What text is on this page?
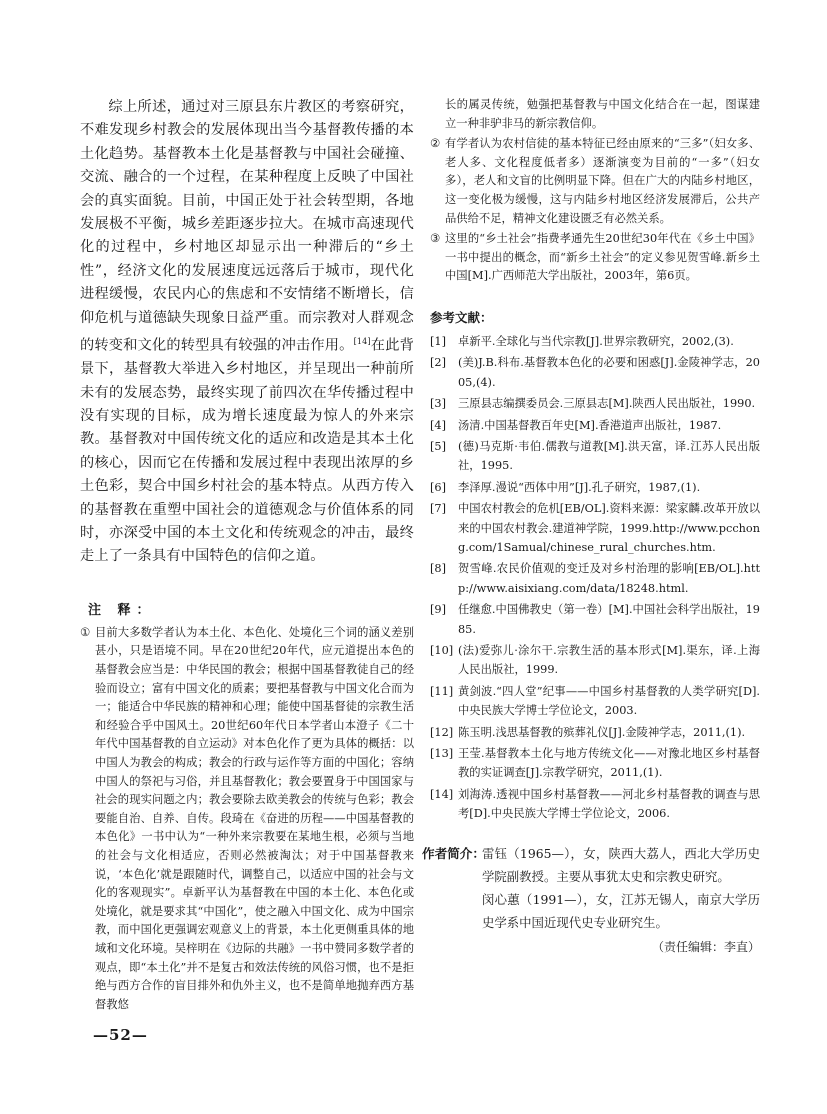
综上所述，通过对三原县东片教区的考察研究，不难发现乡村教会的发展体现出当今基督教传播的本土化趋势。基督教本土化是基督教与中国社会碰撞、交流、融合的一个过程，在某种程度上反映了中国社会的真实面貌。目前，中国正处于社会转型期，各地发展极不平衡，城乡差距逐步拉大。在城市高速现代化的过程中，乡村地区却显示出一种滞后的“乡土性”，经济文化的发展速度远远落后于城市，现代化进程缓慢，农民内心的焦虑和不安情绪不断增长，信仰危机与道德缺失现象日益严重。而宗教对人群观念的转变和文化的转型具有较强的冲击作用。[14]在此背景下，基督教大举进入乡村地区，并呈现出一种前所未有的发展态势，最终实现了前四次在华传播过程中没有实现的目标，成为增长速度最为惊人的外来宗教。基督教对中国传统文化的适应和改造是其本土化的核心，因而它在传播和发展过程中表现出浓厚的乡土色彩，契合中国乡村社会的基本特点。从西方传入的基督教在重塑中国社会的道德观念与价值体系的同时，亦深受中国的本土文化和传统观念的冲击，最终走上了一条具有中国特色的信仰之道。

注 释：
① 目前大多数学者认为本土化、本色化、处境化三个词的涵义差别甚小，只是语境不同。早在20世纪20年代，应元道提出本色的基督教会应当是：中华民国的教会；根据中国基督教徒自己的经验而设立；富有中国文化的质素；要把基督教与中国文化合而为一；能适合中华民族的精神和心理；能使中国基督徒的宗教生活和经验合乎中国风土。20世纪60年代日本学者山本澄子《二十年代中国基督教的自立运动》对本色化作了更为具体的概括：以中国人为教会的构成；教会的行政与运作等方面的中国化；容纳中国人的祭祀与习俗，并且基督教化；教会要置身于中国国家与社会的现实问题之内；教会要除去欧美教会的传统与色彩；教会要能自治、自养、自传。段琦在《奋进的历程——中国基督教的本色化》一书中认为“一种外来宗教要在某地生根，必须与当地的社会与文化相适应，否则必然被淘汰；对于中国基督教来说，‘本色化’就是跟随时代，调整自己，以适应中国的社会与文化的客观现实”。卓新平认为基督教在中国的本土化、本色化或处境化，就是要求其“中国化”，使之融入中国文化、成为中国宗教，而中国化更强调宏观意义上的背景，本土化更侧重具体的地域和文化环境。吴梓明在《边际的共融》一书中赞同多数学者的观点，即“本土化”并不是复古和效法传统的风俗习惯，也不是拒绝与西方合作的盲目排外和仇外主义，也不是简单地抛弃西方基督教悠
长的属灵传统，勉强把基督教与中国文化结合在一起，图谋建立一种非驴非马的新宗教信仰。
② 有学者认为农村信徒的基本特征已经由原来的“三多”（妇女多、老人多、文化程度低者多）逐渐演变为目前的“一多”（妇女多），老人和文盲的比例明显下降。但在广大的内陆乡村地区，这一变化极为缓慢，这与内陆乡村地区经济发展滞后，公共产品供给不足，精神文化建设匮乏有必然关系。
③ 这里的“乡土社会”指费孝通先生20世纪30年代在《乡土中国》一书中提出的概念，而“新乡土社会”的定义参见贺雪峰.新乡土中国[M].广西师范大学出版社，2003年，第6页。
参考文献：
[1] 卓新平.全球化与当代宗教[J].世界宗教研究，2002,(3).
[2] (美)J.B.科布.基督教本色化的必要和困惑[J].金陵神学志，2005,(4).
[3] 三原县志编撰委员会.三原县志[M].陕西人民出版社，1990.
[4] 汤清.中国基督教百年史[M].香港道声出版社，1987.
[5] (德)马克斯·韦伯.儒教与道教[M].洪天富，译.江苏人民出版社，1995.
[6] 李泽厚.漫说“西体中用”[J].孔子研究，1987,(1).
[7] 中国农村教会的危机[EB/OL].资料来源：梁家麟.改革开放以来的中国农村教会.建道神学院，1999.http://www.pcchong.com/1Samual/chinese_rural_churches.htm.
[8] 贺雪峰.农民价值观的变迁及对乡村治理的影响[EB/OL].http://www.aisixiang.com/data/18248.html.
[9] 任继愈.中国佛教史（第一卷）[M].中国社会科学出版社，1985.
[10] (法)爱弥儿·涂尔干.宗教生活的基本形式[M].渠东，译.上海人民出版社，1999.
[11] 黄剑波.“四人堂”纪事——中国乡村基督教的人类学研究[D].中央民族大学博士学位论文，2003.
[12] 陈玉明.浅思基督教的殡葬礼仪[J].金陵神学志，2011,(1).
[13] 王莹.基督教本土化与地方传统文化——对豫北地区乡村基督教的实证调查[J].宗教学研究，2011,(1).
[14] 刘海涛.透视中国乡村基督教——河北乡村基督教的调查与思考[D].中央民族大学博士学位论文，2006.
作者简介：

雷钰（1965—），女，陕西大荔人，西北大学历史学院副教授。主要从事犹太史和宗教史研究。

闵心蕙（1991—），女，江苏无锡人，南京大学历史学系中国近现代史专业研究生。

（责任编辑：李直）
—52—
